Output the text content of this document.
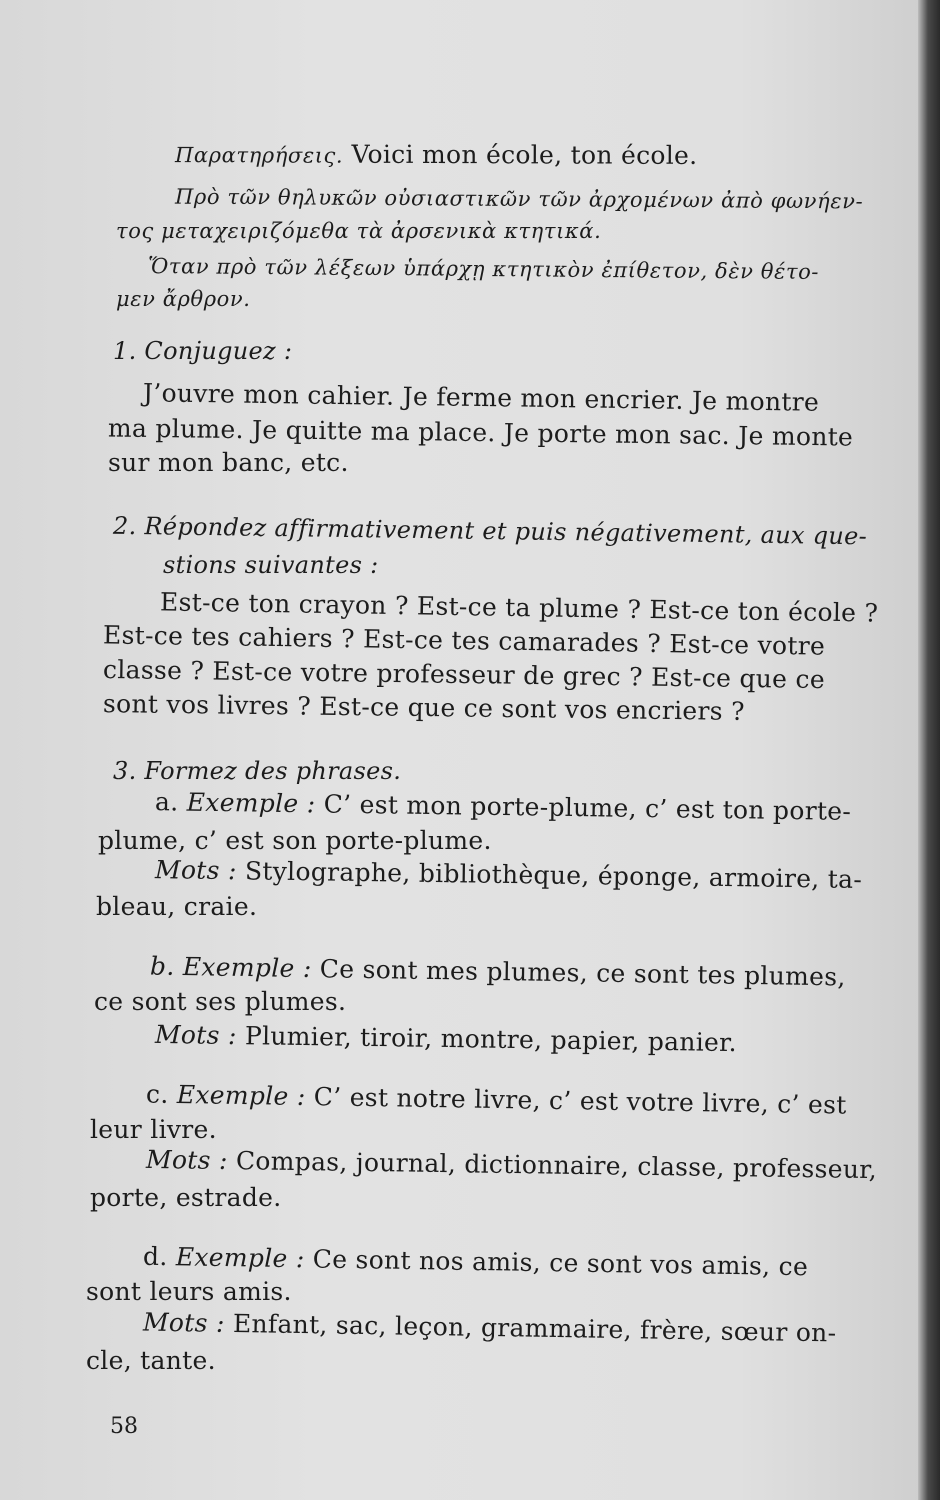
Παρατηρήσεις. Voici mon école, ton école.
Πρὸ τῶν θηλυκῶν οὐσιαστικῶν τῶν ἀρχομένων ἀπὸ φωνήεν-
τος μεταχειριζόμεθα τὰ ἀρσενικὰ κτητικά.
Ὅταν πρὸ τῶν λέξεων ὑπάρχῃ κτητικὸν ἐπίθετον, δὲν θέτο-
μεν ἄρθρον.
1. Conjuguez :
J’ouvre mon cahier. Je ferme mon encrier. Je montre
ma plume. Je quitte ma place. Je porte mon sac. Je monte
sur mon banc, etc.
2. Répondez affirmativement et puis négativement, aux que-
stions suivantes :
Est-ce ton crayon ? Est-ce ta plume ? Est-ce ton école ?
Est-ce tes cahiers ? Est-ce tes camarades ? Est-ce votre
classe ? Est-ce votre professeur de grec ? Est-ce que ce
sont vos livres ? Est-ce que ce sont vos encriers ?
3. Formez des phrases.
a. Exemple : C’ est mon porte-plume, c’ est ton porte-
plume, c’ est son porte-plume.
Mots : Stylographe, bibliothèque, éponge, armoire, ta-
bleau, craie.
b. Exemple : Ce sont mes plumes, ce sont tes plumes,
ce sont ses plumes.
Mots : Plumier, tiroir, montre, papier, panier.
c. Exemple : C’ est notre livre, c’ est votre livre, c’ est
leur livre.
Mots : Compas, journal, dictionnaire, classe, professeur,
porte, estrade.
d. Exemple : Ce sont nos amis, ce sont vos amis, ce
sont leurs amis.
Mots : Enfant, sac, leçon, grammaire, frère, sœur on-
cle, tante.
58
